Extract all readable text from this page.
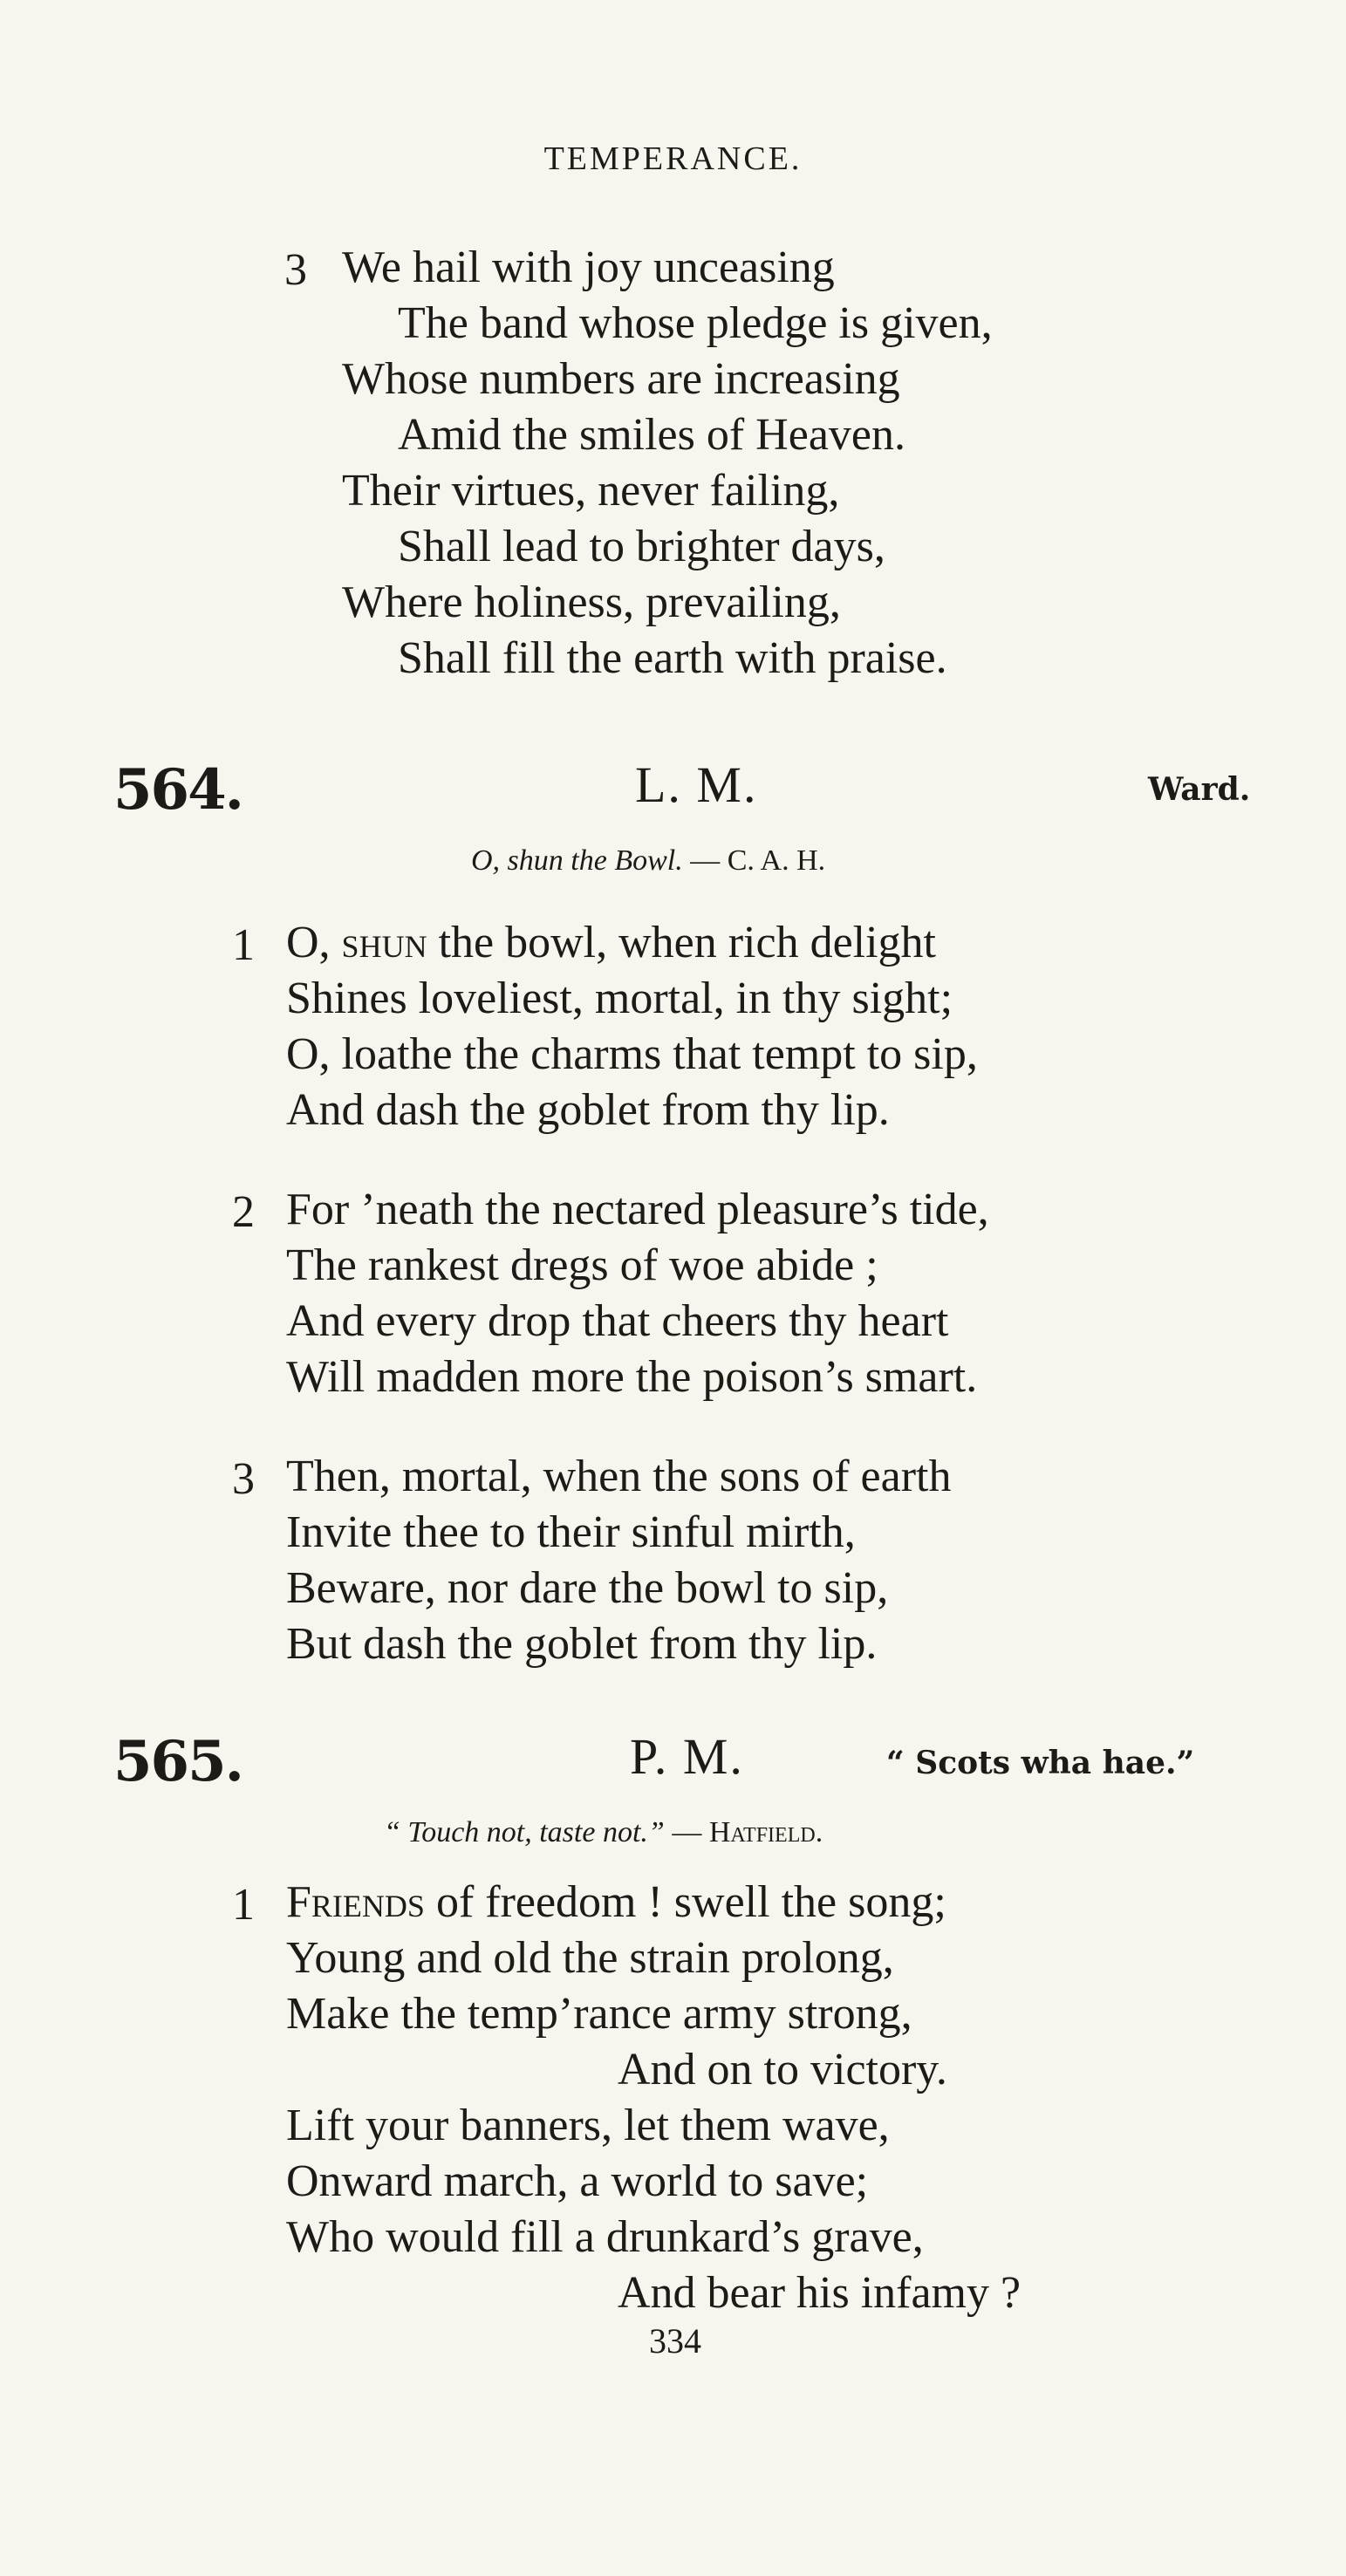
TEMPERANCE.
3 We hail with joy unceasing
The band whose pledge is given,
Whose numbers are increasing
Amid the smiles of Heaven.
Their virtues, never failing,
Shall lead to brighter days,
Where holiness, prevailing,
Shall fill the earth with praise.
564.	L. M.	Ward.
O, shun the Bowl. — C. A. H.
1 O, shun the bowl, when rich delight
Shines loveliest, mortal, in thy sight;
O, loathe the charms that tempt to sip,
And dash the goblet from thy lip.
2 For ’neath the nectared pleasure’s tide,
The rankest dregs of woe abide ;
And every drop that cheers thy heart
Will madden more the poison’s smart.
3 Then, mortal, when the sons of earth
Invite thee to their sinful mirth,
Beware, nor dare the bowl to sip,
But dash the goblet from thy lip.
565.	P. M.	“ Scots wha hae.”
“ Touch not, taste not.” — Hatfield.
1 Friends of freedom ! swell the song;
Young and old the strain prolong,
Make the temp’rance army strong,
And on to victory.
Lift your banners, let them wave,
Onward march, a world to save;
Who would fill a drunkard’s grave,
And bear his infamy ?
334
